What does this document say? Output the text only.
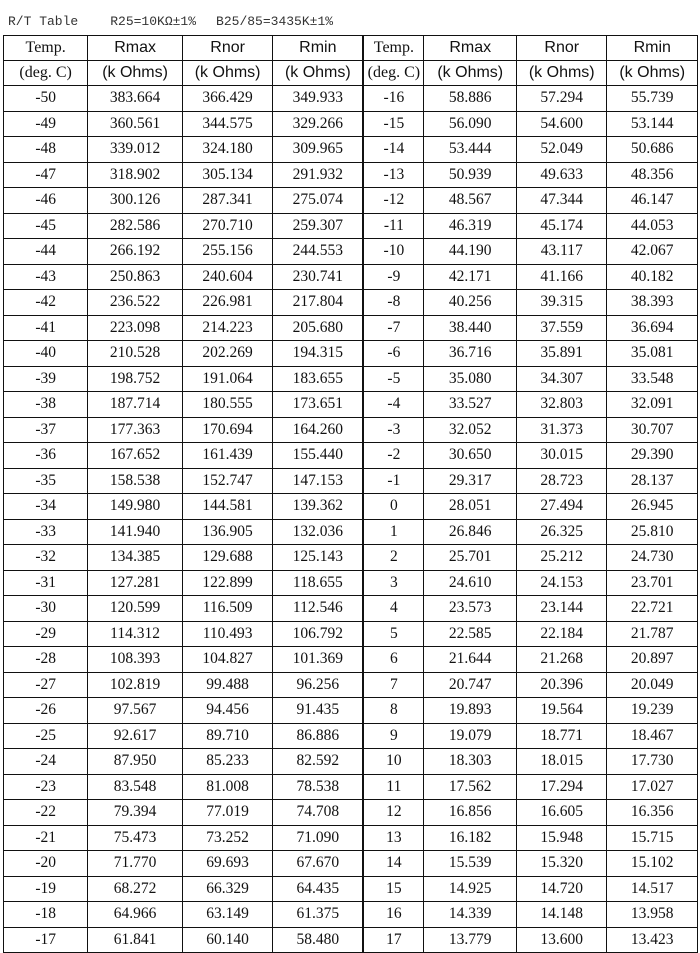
R/T Table R25=10KΩ±1% B25/85=3435K±1%
Temp.	Rmax	Rnor	Rmin	Temp.	Rmax	Rnor	Rmin
(deg. C)	(k Ohms)	(k Ohms)	(k Ohms)	(deg. C)	(k Ohms)	(k Ohms)	(k Ohms)
-50	383.664	366.429	349.933	-16	58.886	57.294	55.739
-49	360.561	344.575	329.266	-15	56.090	54.600	53.144
-48	339.012	324.180	309.965	-14	53.444	52.049	50.686
-47	318.902	305.134	291.932	-13	50.939	49.633	48.356
-46	300.126	287.341	275.074	-12	48.567	47.344	46.147
-45	282.586	270.710	259.307	-11	46.319	45.174	44.053
-44	266.192	255.156	244.553	-10	44.190	43.117	42.067
-43	250.863	240.604	230.741	-9	42.171	41.166	40.182
-42	236.522	226.981	217.804	-8	40.256	39.315	38.393
-41	223.098	214.223	205.680	-7	38.440	37.559	36.694
-40	210.528	202.269	194.315	-6	36.716	35.891	35.081
-39	198.752	191.064	183.655	-5	35.080	34.307	33.548
-38	187.714	180.555	173.651	-4	33.527	32.803	32.091
-37	177.363	170.694	164.260	-3	32.052	31.373	30.707
-36	167.652	161.439	155.440	-2	30.650	30.015	29.390
-35	158.538	152.747	147.153	-1	29.317	28.723	28.137
-34	149.980	144.581	139.362	0	28.051	27.494	26.945
-33	141.940	136.905	132.036	1	26.846	26.325	25.810
-32	134.385	129.688	125.143	2	25.701	25.212	24.730
-31	127.281	122.899	118.655	3	24.610	24.153	23.701
-30	120.599	116.509	112.546	4	23.573	23.144	22.721
-29	114.312	110.493	106.792	5	22.585	22.184	21.787
-28	108.393	104.827	101.369	6	21.644	21.268	20.897
-27	102.819	99.488	96.256	7	20.747	20.396	20.049
-26	97.567	94.456	91.435	8	19.893	19.564	19.239
-25	92.617	89.710	86.886	9	19.079	18.771	18.467
-24	87.950	85.233	82.592	10	18.303	18.015	17.730
-23	83.548	81.008	78.538	11	17.562	17.294	17.027
-22	79.394	77.019	74.708	12	16.856	16.605	16.356
-21	75.473	73.252	71.090	13	16.182	15.948	15.715
-20	71.770	69.693	67.670	14	15.539	15.320	15.102
-19	68.272	66.329	64.435	15	14.925	14.720	14.517
-18	64.966	63.149	61.375	16	14.339	14.148	13.958
-17	61.841	60.140	58.480	17	13.779	13.600	13.423
